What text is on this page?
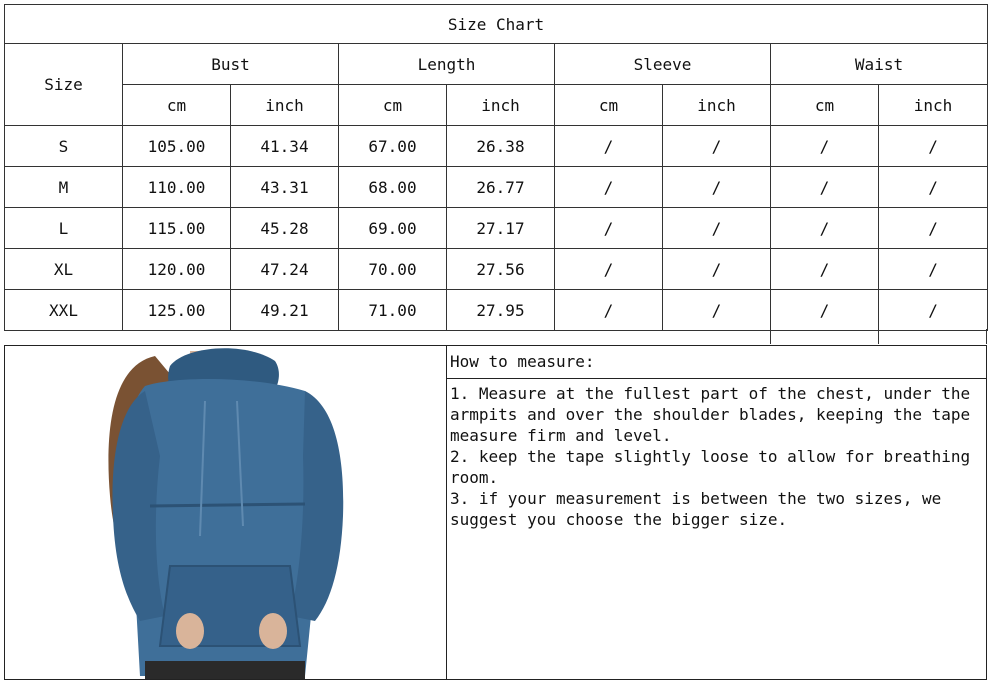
Size Chart								
Size	Bust		Length		Sleeve		Waist	
	cm	inch	cm	inch	cm	inch	cm	inch
S	105.00	41.34	67.00	26.38	/	/	/	/
M	110.00	43.31	68.00	26.77	/	/	/	/
L	115.00	45.28	69.00	27.17	/	/	/	/
XL	120.00	47.24	70.00	27.56	/	/	/	/
XXL	125.00	49.21	71.00	27.95	/	/	/	/
How to measure:

1. Measure at the fullest part of the chest, under the armpits and over the shoulder blades, keeping the tape measure firm and level.

2. keep the tape slightly loose to allow for breathing room.

3. if your measurement is between the two sizes, we suggest you choose the bigger size.
